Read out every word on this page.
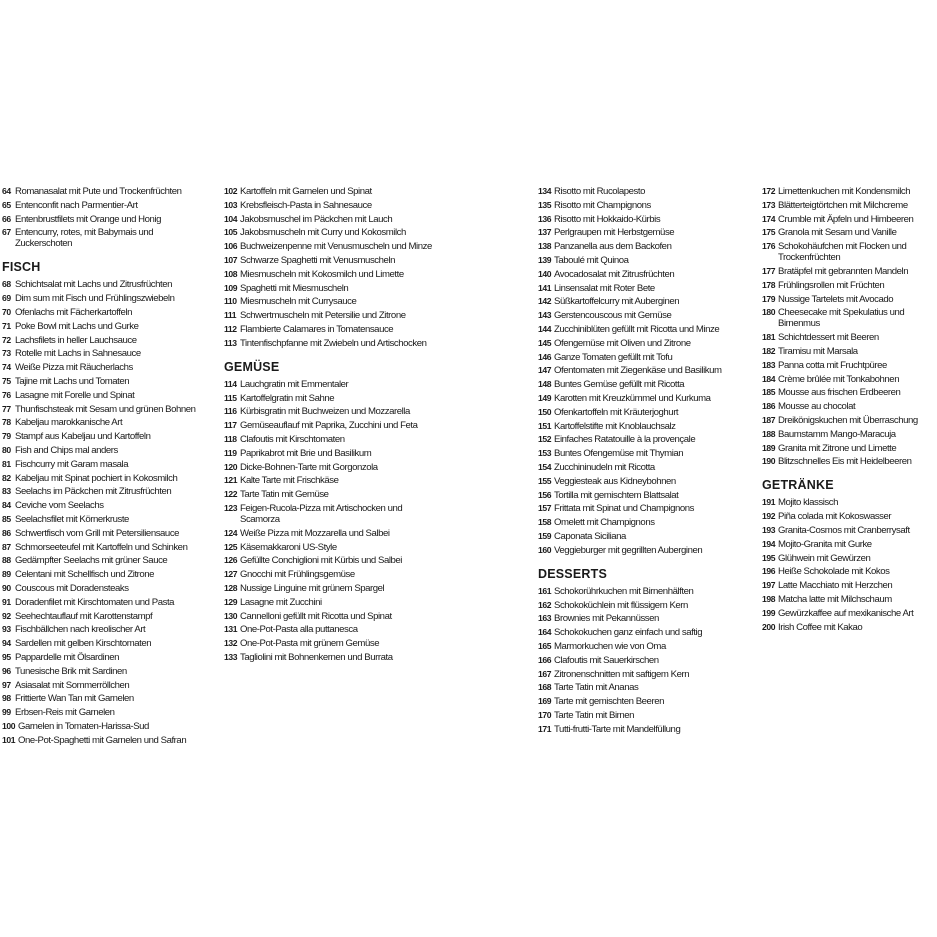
64 Romanasalat mit Pute und Trockenfrüchten
65 Entenconfit nach Parmentier-Art
66 Entenbrustfilets mit Orange und Honig
67 Entencurry, rotes, mit Babymais und Zuckerschoten
FISCH
68 Schichtsalat mit Lachs und Zitrusfrüchten
69 Dim sum mit Fisch und Frühlingszwiebeln
70 Ofenlachs mit Fächerkartoffeln
71 Poke Bowl mit Lachs und Gurke
72 Lachsfilets in heller Lauchsauce
73 Rotelle mit Lachs in Sahnesauce
74 Weiße Pizza mit Räucherlachs
75 Tajine mit Lachs und Tomaten
76 Lasagne mit Forelle und Spinat
77 Thunfischsteak mit Sesam und grünen Bohnen
78 Kabeljau marokkanische Art
79 Stampf aus Kabeljau und Kartoffeln
80 Fish and Chips mal anders
81 Fischcurry mit Garam masala
82 Kabeljau mit Spinat pochiert in Kokosmilch
83 Seelachs im Päckchen mit Zitrusfrüchten
84 Ceviche vom Seelachs
85 Seelachsfilet mit Körnerkruste
86 Schwertfisch vom Grill mit Petersiliensauce
87 Schmorseeteufel mit Kartoffeln und Schinken
88 Gedämpfter Seelachs mit grüner Sauce
89 Celentani mit Schellfisch und Zitrone
90 Couscous mit Doradensteaks
91 Doradenfilet mit Kirschtomaten und Pasta
92 Seehechtauflauf mit Karottenstampf
93 Fischbällchen nach kreolischer Art
94 Sardellen mit gelben Kirschtomaten
95 Pappardelle mit Ölsardinen
96 Tunesische Brik mit Sardinen
97 Asiasalat mit Sommerröllchen
98 Frittierte Wan Tan mit Garnelen
99 Erbsen-Reis mit Garnelen
100 Garnelen in Tomaten-Harissa-Sud
101 One-Pot-Spaghetti mit Garnelen und Safran
102 Kartoffeln mit Garnelen und Spinat
103 Krebsfleisch-Pasta in Sahnesauce
104 Jakobsmuschel im Päckchen mit Lauch
105 Jakobsmuscheln mit Curry und Kokosmilch
106 Buchweizenpenne mit Venusmuscheln und Minze
107 Schwarze Spaghetti mit Venusmuscheln
108 Miesmuscheln mit Kokosmilch und Limette
109 Spaghetti mit Miesmuscheln
110 Miesmuscheln mit Currysauce
111 Schwertmuscheln mit Petersilie und Zitrone
112 Flambierte Calamares in Tomatensauce
113 Tintenfischpfanne mit Zwiebeln und Artischocken
GEMÜSE
114 Lauchgratin mit Emmentaler
115 Kartoffelgratin mit Sahne
116 Kürbisgratin mit Buchweizen und Mozzarella
117 Gemüseauflauf mit Paprika, Zucchini und Feta
118 Clafoutis mit Kirschtomaten
119 Paprikabrot mit Brie und Basilikum
120 Dicke-Bohnen-Tarte mit Gorgonzola
121 Kalte Tarte mit Frischkäse
122 Tarte Tatin mit Gemüse
123 Feigen-Rucola-Pizza mit Artischocken und Scamorza
124 Weiße Pizza mit Mozzarella und Salbei
125 Käsemakkaroni US-Style
126 Gefüllte Conchiglioni mit Kürbis und Salbei
127 Gnocchi mit Frühlingsgemüse
128 Nussige Linguine mit grünem Spargel
129 Lasagne mit Zucchini
130 Cannelloni gefüllt mit Ricotta und Spinat
131 One-Pot-Pasta alla puttanesca
132 One-Pot-Pasta mit grünem Gemüse
133 Tagliolini mit Bohnenkernen und Burrata
134 Risotto mit Rucolapesto
135 Risotto mit Champignons
136 Risotto mit Hokkaido-Kürbis
137 Perlgraupen mit Herbstgemüse
138 Panzanella aus dem Backofen
139 Taboulé mit Quinoa
140 Avocadosalat mit Zitrusfrüchten
141 Linsensalat mit Roter Bete
142 Süßkartoffelcurry mit Auberginen
143 Gerstencouscous mit Gemüse
144 Zucchiniblüten gefüllt mit Ricotta und Minze
145 Ofengemüse mit Oliven und Zitrone
146 Ganze Tomaten gefüllt mit Tofu
147 Ofentomaten mit Ziegenkäse und Basilikum
148 Buntes Gemüse gefüllt mit Ricotta
149 Karotten mit Kreuzkümmel und Kurkuma
150 Ofenkartoffeln mit Kräuterjoghurt
151 Kartoffelstifte mit Knoblauchsalz
152 Einfaches Ratatouille à la provençale
153 Buntes Ofengemüse mit Thymian
154 Zucchininudeln mit Ricotta
155 Veggiesteak aus Kidneybohnen
156 Tortilla mit gemischtem Blattsalat
157 Frittata mit Spinat und Champignons
158 Omelett mit Champignons
159 Caponata Siciliana
160 Veggieburger mit gegrillten Auberginen
DESSERTS
161 Schokorührkuchen mit Birnenhälften
162 Schokoküchlein mit flüssigem Kern
163 Brownies mit Pekannüssen
164 Schokokuchen ganz einfach und saftig
165 Marmorkuchen wie von Oma
166 Clafoutis mit Sauerkirschen
167 Zitronenschnitten mit saftigem Kern
168 Tarte Tatin mit Ananas
169 Tarte mit gemischten Beeren
170 Tarte Tatin mit Birnen
171 Tutti-frutti-Tarte mit Mandelfüllung
172 Limettenkuchen mit Kondensmilch
173 Blätterteigtörtchen mit Milchcreme
174 Crumble mit Äpfeln und Himbeeren
175 Granola mit Sesam und Vanille
176 Schokohäufchen mit Flocken und Trockenfrüchten
177 Bratäpfel mit gebrannten Mandeln
178 Frühlingsrollen mit Früchten
179 Nussige Tartelets mit Avocado
180 Cheesecake mit Spekulatius und Birnenmus
181 Schichtdessert mit Beeren
182 Tiramisu mit Marsala
183 Panna cotta mit Fruchtpüree
184 Crème brûlée mit Tonkabohnen
185 Mousse aus frischen Erdbeeren
186 Mousse au chocolat
187 Dreikönigskuchen mit Überraschung
188 Baumstamm Mango-Maracuja
189 Granita mit Zitrone und Limette
190 Blitzschnelles Eis mit Heidelbeeren
GETRÄNKE
191 Mojito klassisch
192 Piña colada mit Kokoswasser
193 Granita-Cosmos mit Cranberrysaft
194 Mojito-Granita mit Gurke
195 Glühwein mit Gewürzen
196 Heiße Schokolade mit Kokos
197 Latte Macchiato mit Herzchen
198 Matcha latte mit Milchschaum
199 Gewürzkaffee auf mexikanische Art
200 Irish Coffee mit Kakao
